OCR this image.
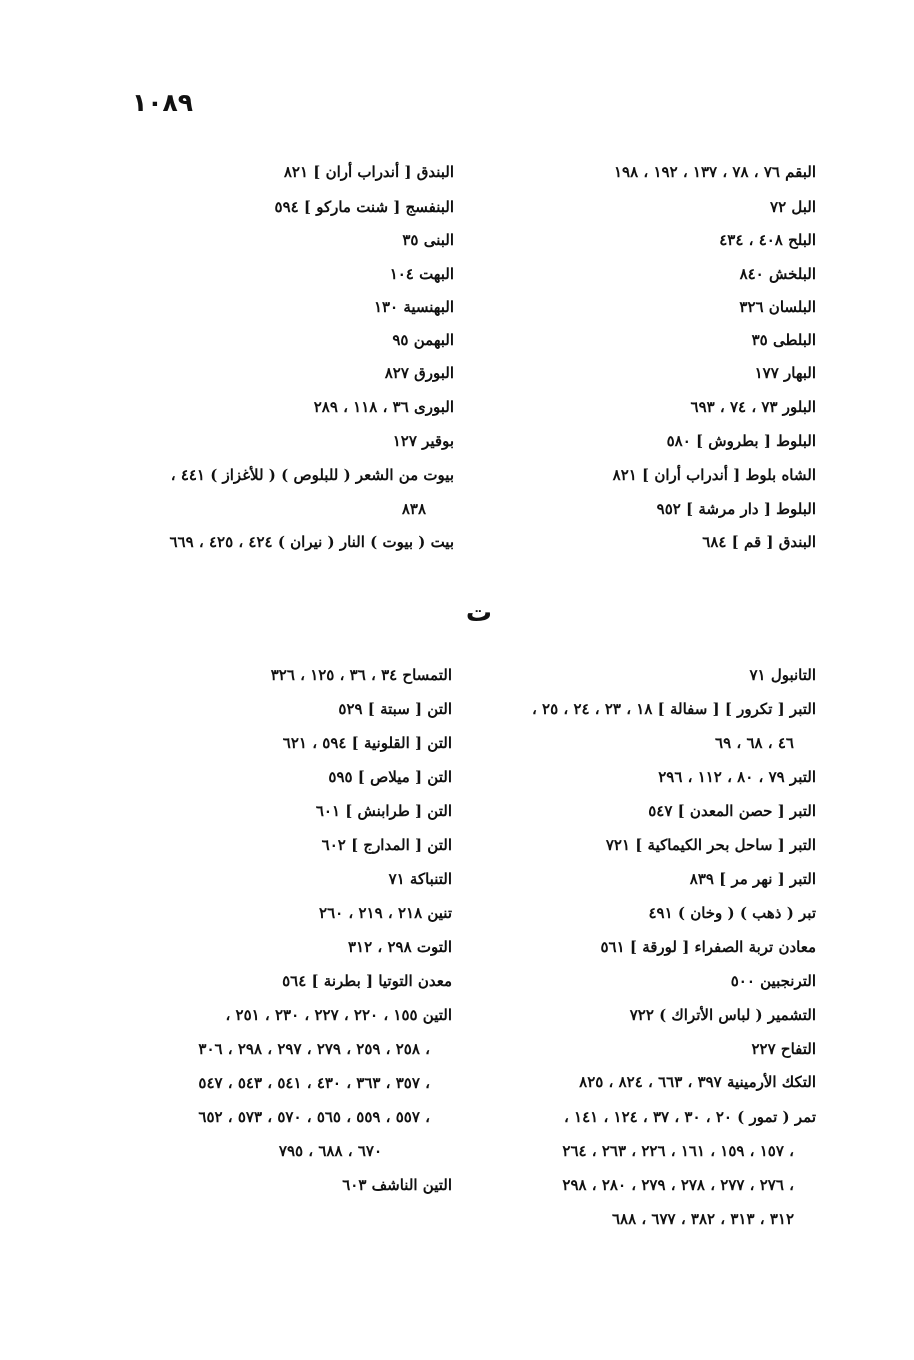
١٠٨٩
البقم ٧٦ ، ٧٨ ، ١٣٧ ، ١٩٢ ، ١٩٨
البل ٧٢
البلح ٤٠٨ ، ٤٣٤
البلخش ٨٤٠
البلسان ٣٢٦
البلطى ٣٥
البهار ١٧٧
البلور ٧٣ ، ٧٤ ، ٦٩٣
البلوط [ بطروش ] ٥٨٠
الشاه بلوط [ أندراب أران ] ٨٢١
البلوط [ دار مرشة ] ٩٥٢
البندق [ قم ] ٦٨٤
البندق [ أندراب أران ] ٨٢١
البنفسج [ شنت ماركو ] ٥٩٤
البنى ٣٥
البهت ١٠٤
البهنسية ١٣٠
البهمن ٩٥
البورق ٨٢٧
البورى ٣٦ ، ١١٨ ، ٢٨٩
بوقير ١٢٧
بيوت من الشعر ( للبلوص ) ( للأغزاز ) ٤٤١ ،
٨٣٨
بيت ( بيوت ) النار ( نيران ) ٤٢٤ ، ٤٢٥ ، ٦٦٩
ت
التانبول ٧١
التبر [ تكرور ] [ سفالة ] ١٨ ، ٢٣ ، ٢٤ ، ٢٥ ،
٤٦ ، ٦٨ ، ٦٩
التبر ٧٩ ، ٨٠ ، ١١٢ ، ٢٩٦
التبر [ حصن المعدن ] ٥٤٧
التبر [ ساحل بحر الكيماكية ] ٧٢١
التبر [ نهر مر ] ٨٣٩
تبر ( ذهب ) ( وخان ) ٤٩١
معادن تربة الصفراء [ لورقة ] ٥٦١
الترنجبين ٥٠٠
التشمير ( لباس الأتراك ) ٧٢٢
التفاح ٢٢٧
التكك الأرمينية ٣٩٧ ، ٦٦٣ ، ٨٢٤ ، ٨٢٥
تمر ( تمور ) ٢٠ ، ٣٠ ، ٣٧ ، ١٢٤ ، ١٤١ ،
١٥٧ ، ١٥٩ ، ١٦١ ، ٢٢٦ ، ٢٦٣ ، ٢٦٤ ،
٢٧٦ ، ٢٧٧ ، ٢٧٨ ، ٢٧٩ ، ٢٨٠ ، ٢٩٨ ،
٣١٢ ، ٣١٣ ، ٣٨٢ ، ٦٧٧ ، ٦٨٨
التمساح ٣٤ ، ٣٦ ، ١٢٥ ، ٣٢٦
التن [ سبتة ] ٥٢٩
التن [ القلونية ] ٥٩٤ ، ٦٢١
التن [ ميلاص ] ٥٩٥
التن [ طرابنش ] ٦٠١
التن [ المدارج ] ٦٠٢
التنباكة ٧١
تنين ٢١٨ ، ٢١٩ ، ٢٦٠
التوت ٢٩٨ ، ٣١٢
معدن التوتيا [ بطرنة ] ٥٦٤
التين ١٥٥ ، ٢٢٠ ، ٢٢٧ ، ٢٣٠ ، ٢٥١ ،
٢٥٨ ، ٢٥٩ ، ٢٧٩ ، ٢٩٧ ، ٢٩٨ ، ٣٠٦ ،
٣٥٧ ، ٣٦٣ ، ٤٣٠ ، ٥٤١ ، ٥٤٣ ، ٥٤٧ ،
٥٥٧ ، ٥٥٩ ، ٥٦٥ ، ٥٧٠ ، ٥٧٣ ، ٦٥٢ ،
٦٧٠ ، ٦٨٨ ، ٧٩٥
التين الناشف ٦٠٣
